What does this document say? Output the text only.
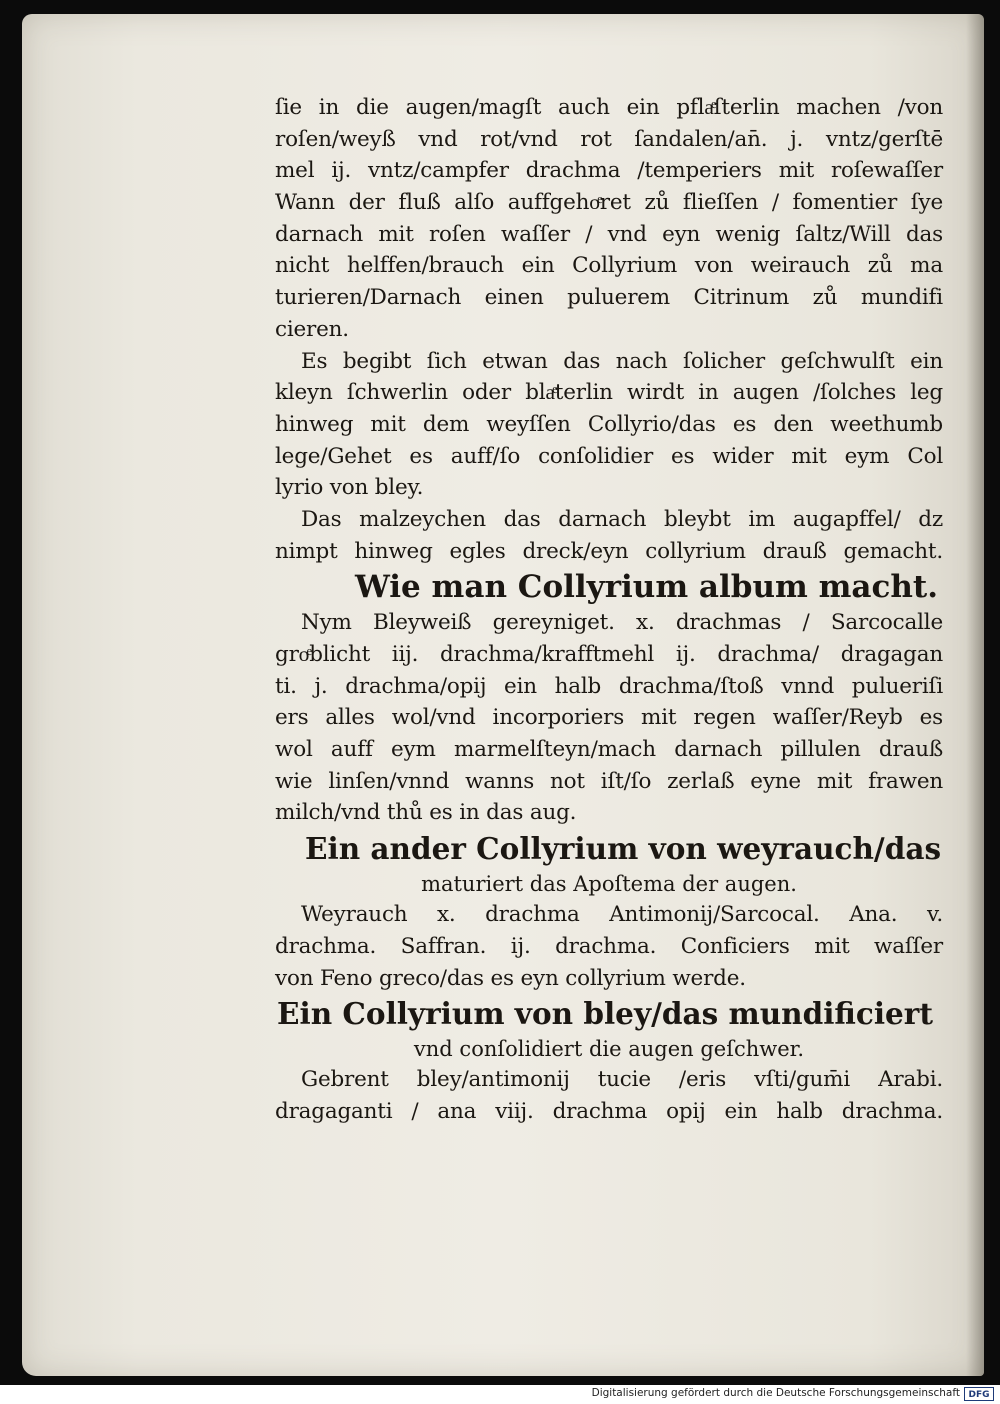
ſie in die augen/magſt auch ein pflaͤſterlin machen /von
roſen/weyß vnd rot/vnd rot ſandalen/an̄. j. vntz/gerſtē
mel ij. vntz/campfer drachma /temperiers mit roſewaſſer
Wann der fluß alſo auffgehoͤret zů flieſſen / fomentier ſye
darnach mit roſen waſſer / vnd eyn wenig ſaltz/Will das
nicht helffen/brauch ein Collyrium von weirauch zů ma
turieren/Darnach einen puluerem Citrinum zů mundifi
cieren.
Es begibt ſich etwan das nach ſolicher geſchwulſt ein
kleyn ſchwerlin oder blaͤterlin wirdt in augen /ſolches leg
hinweg mit dem weyſſen Collyrio/das es den weethumb
lege/Gehet es auff/ſo conſolidier es wider mit eym Col
lyrio von bley.
Das malzeychen das darnach bleybt im augapffel/ dz
nimpt hinweg egles dreck/eyn collyrium drauß gemacht.
Wie man Collyrium album macht.
Nym Bleyweiß gereyniget. x. drachmas / Sarcocalle
groͤblicht iij. drachma/krafftmehl ij. drachma/ dragagan
ti. j. drachma/opij ein halb drachma/ſtoß vnnd pulueriſi
ers alles wol/vnd incorporiers mit regen waſſer/Reyb es
wol auff eym marmelſteyn/mach darnach pillulen drauß
wie linſen/vnnd wanns not iſt/ſo zerlaß eyne mit frawen
milch/vnd thů es in das aug.
Ein ander Collyrium von weyrauch/das
maturiert das Apoſtema der augen.
Weyrauch x. drachma Antimonij/Sarcocal. Ana. v.
drachma. Saffran. ij. drachma. Conficiers mit waſſer
von Feno greco/das es eyn collyrium werde.
Ein Collyrium von bley/das mundificiert
vnd conſolidiert die augen geſchwer.
Gebrent bley/antimonij tucie /eris vſti/gum̄i Arabi.
dragaganti / ana viij. drachma opij ein halb drachma.
Digitalisierung gefördert durch die Deutsche Forschungsgemeinschaft DFG
